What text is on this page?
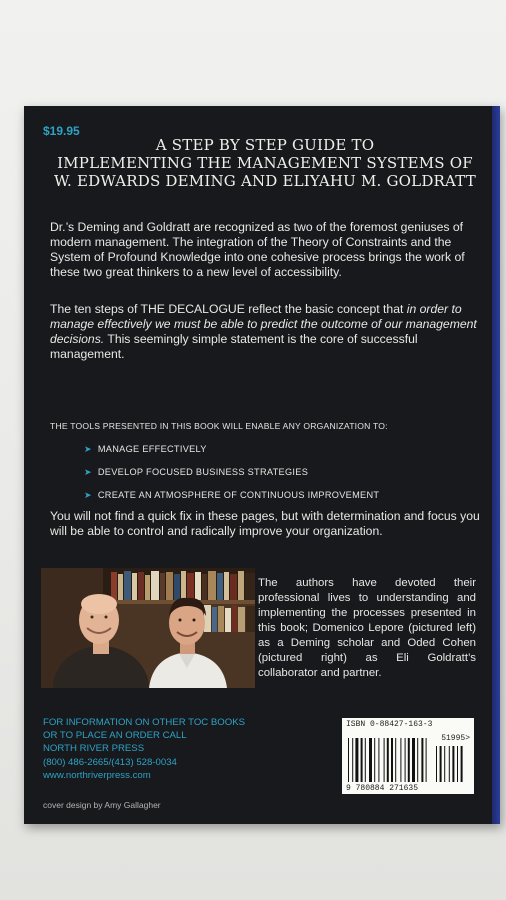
$19.95
A STEP BY STEP GUIDE TO
IMPLEMENTING THE MANAGEMENT SYSTEMS OF
W. EDWARDS DEMING AND ELIYAHU M. GOLDRATT
Dr.’s Deming and Goldratt are recognized as two of the foremost geniuses of modern management. The integration of the Theory of Constraints and the System of Profound Knowledge into one cohesive process brings the work of these two great thinkers to a new level of accessibility.
The ten steps of THE DECALOGUE reflect the basic concept that in order to manage effectively we must be able to predict the outcome of our management decisions. This seemingly simple statement is the core of successful management.
THE TOOLS PRESENTED IN THIS BOOK WILL ENABLE ANY ORGANIZATION TO:
➤ MANAGE EFFECTIVELY
➤ DEVELOP FOCUSED BUSINESS STRATEGIES
➤ CREATE AN ATMOSPHERE OF CONTINUOUS IMPROVEMENT
You will not find a quick fix in these pages, but with determination and focus you will be able to control and radically improve your organization.
The authors have devoted their professional lives to understanding and implementing the processes presented in this book; Domenico Lepore (pictured left) as a Deming scholar and Oded Cohen (pictured right) as Eli Goldratt’s collaborator and partner.
FOR INFORMATION ON OTHER TOC BOOKS
OR TO PLACE AN ORDER CALL
NORTH RIVER PRESS
(800) 486-2665/(413) 528-0034
www.northriverpress.com
cover design by Amy Gallagher
ISBN 0-88427-163-3
51995>
9 780884 271635
